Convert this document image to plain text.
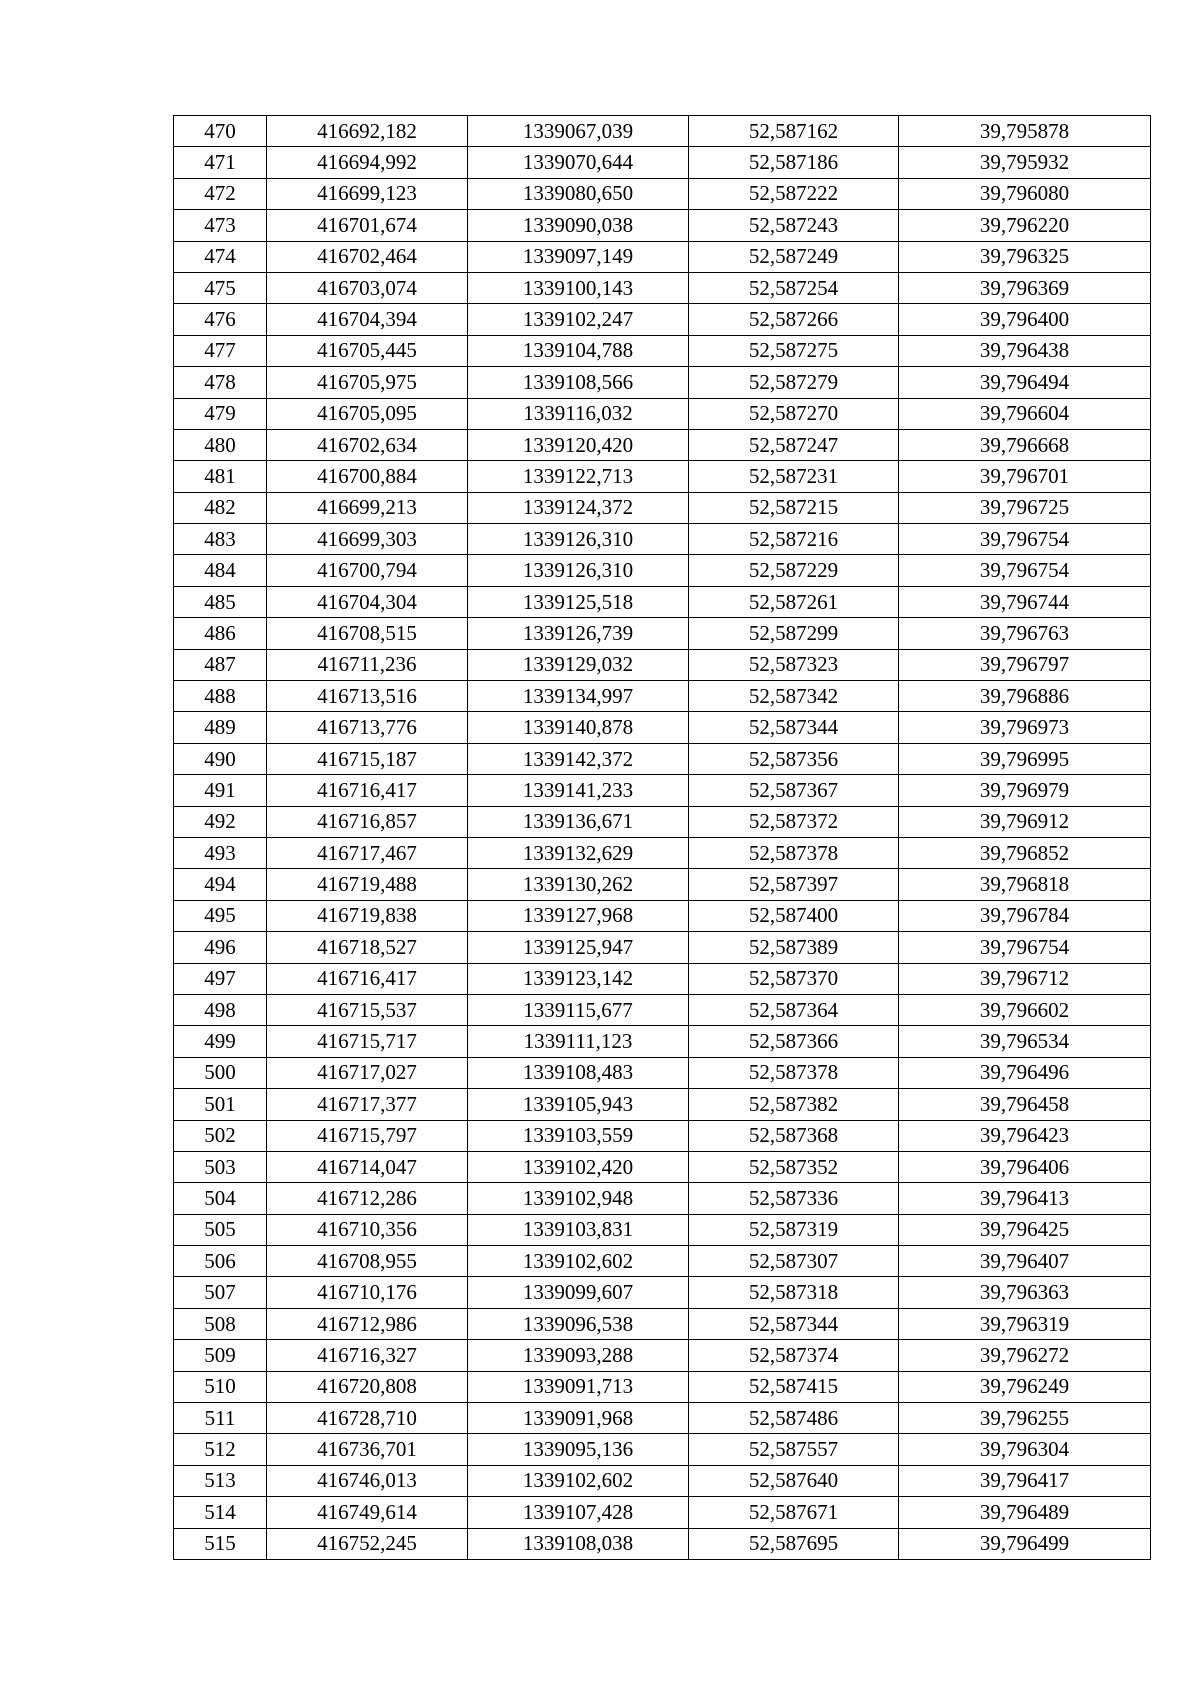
470	416692,182	1339067,039	52,587162	39,795878
471	416694,992	1339070,644	52,587186	39,795932
472	416699,123	1339080,650	52,587222	39,796080
473	416701,674	1339090,038	52,587243	39,796220
474	416702,464	1339097,149	52,587249	39,796325
475	416703,074	1339100,143	52,587254	39,796369
476	416704,394	1339102,247	52,587266	39,796400
477	416705,445	1339104,788	52,587275	39,796438
478	416705,975	1339108,566	52,587279	39,796494
479	416705,095	1339116,032	52,587270	39,796604
480	416702,634	1339120,420	52,587247	39,796668
481	416700,884	1339122,713	52,587231	39,796701
482	416699,213	1339124,372	52,587215	39,796725
483	416699,303	1339126,310	52,587216	39,796754
484	416700,794	1339126,310	52,587229	39,796754
485	416704,304	1339125,518	52,587261	39,796744
486	416708,515	1339126,739	52,587299	39,796763
487	416711,236	1339129,032	52,587323	39,796797
488	416713,516	1339134,997	52,587342	39,796886
489	416713,776	1339140,878	52,587344	39,796973
490	416715,187	1339142,372	52,587356	39,796995
491	416716,417	1339141,233	52,587367	39,796979
492	416716,857	1339136,671	52,587372	39,796912
493	416717,467	1339132,629	52,587378	39,796852
494	416719,488	1339130,262	52,587397	39,796818
495	416719,838	1339127,968	52,587400	39,796784
496	416718,527	1339125,947	52,587389	39,796754
497	416716,417	1339123,142	52,587370	39,796712
498	416715,537	1339115,677	52,587364	39,796602
499	416715,717	1339111,123	52,587366	39,796534
500	416717,027	1339108,483	52,587378	39,796496
501	416717,377	1339105,943	52,587382	39,796458
502	416715,797	1339103,559	52,587368	39,796423
503	416714,047	1339102,420	52,587352	39,796406
504	416712,286	1339102,948	52,587336	39,796413
505	416710,356	1339103,831	52,587319	39,796425
506	416708,955	1339102,602	52,587307	39,796407
507	416710,176	1339099,607	52,587318	39,796363
508	416712,986	1339096,538	52,587344	39,796319
509	416716,327	1339093,288	52,587374	39,796272
510	416720,808	1339091,713	52,587415	39,796249
511	416728,710	1339091,968	52,587486	39,796255
512	416736,701	1339095,136	52,587557	39,796304
513	416746,013	1339102,602	52,587640	39,796417
514	416749,614	1339107,428	52,587671	39,796489
515	416752,245	1339108,038	52,587695	39,796499
